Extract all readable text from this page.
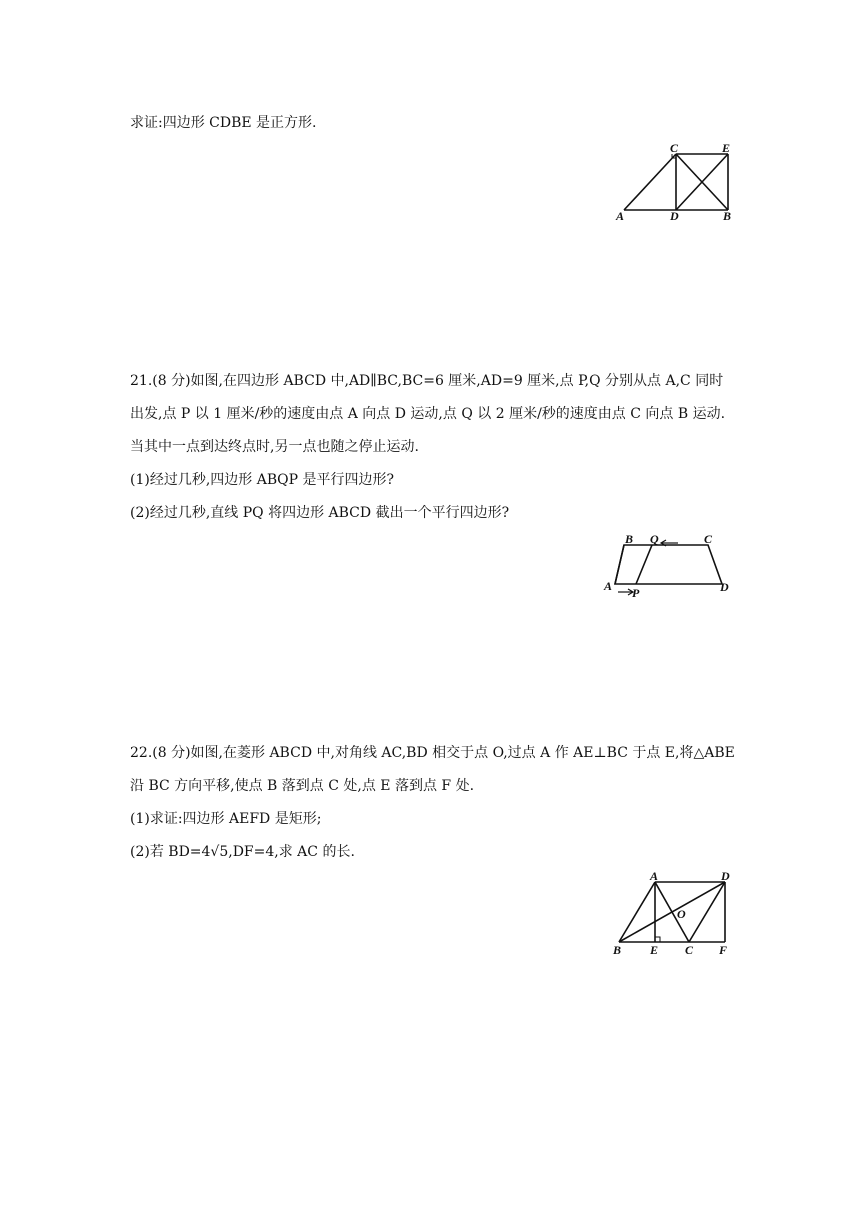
求证:四边形 CDBE 是正方形.
C	E
A	D	B
21.(8 分)如图,在四边形 ABCD 中,AD∥BC,BC=6 厘米,AD=9 厘米,点 P,Q 分别从点 A,C 同时
出发,点 P 以 1 厘米/秒的速度由点 A 向点 D 运动,点 Q 以 2 厘米/秒的速度由点 C 向点 B 运动.
当其中一点到达终点时,另一点也随之停止运动.
(1)经过几秒,四边形 ABQP 是平行四边形?
(2)经过几秒,直线 PQ 将四边形 ABCD 截出一个平行四边形?
B Q	C
A P	D
22.(8 分)如图,在菱形 ABCD 中,对角线 AC,BD 相交于点 O,过点 A 作 AE⊥BC 于点 E,将△ABE
沿 BC 方向平移,使点 B 落到点 C 处,点 E 落到点 F 处.
(1)求证:四边形 AEFD 是矩形;
(2)若 BD=4√5,DF=4,求 AC 的长.
A	D
O
B E C F
